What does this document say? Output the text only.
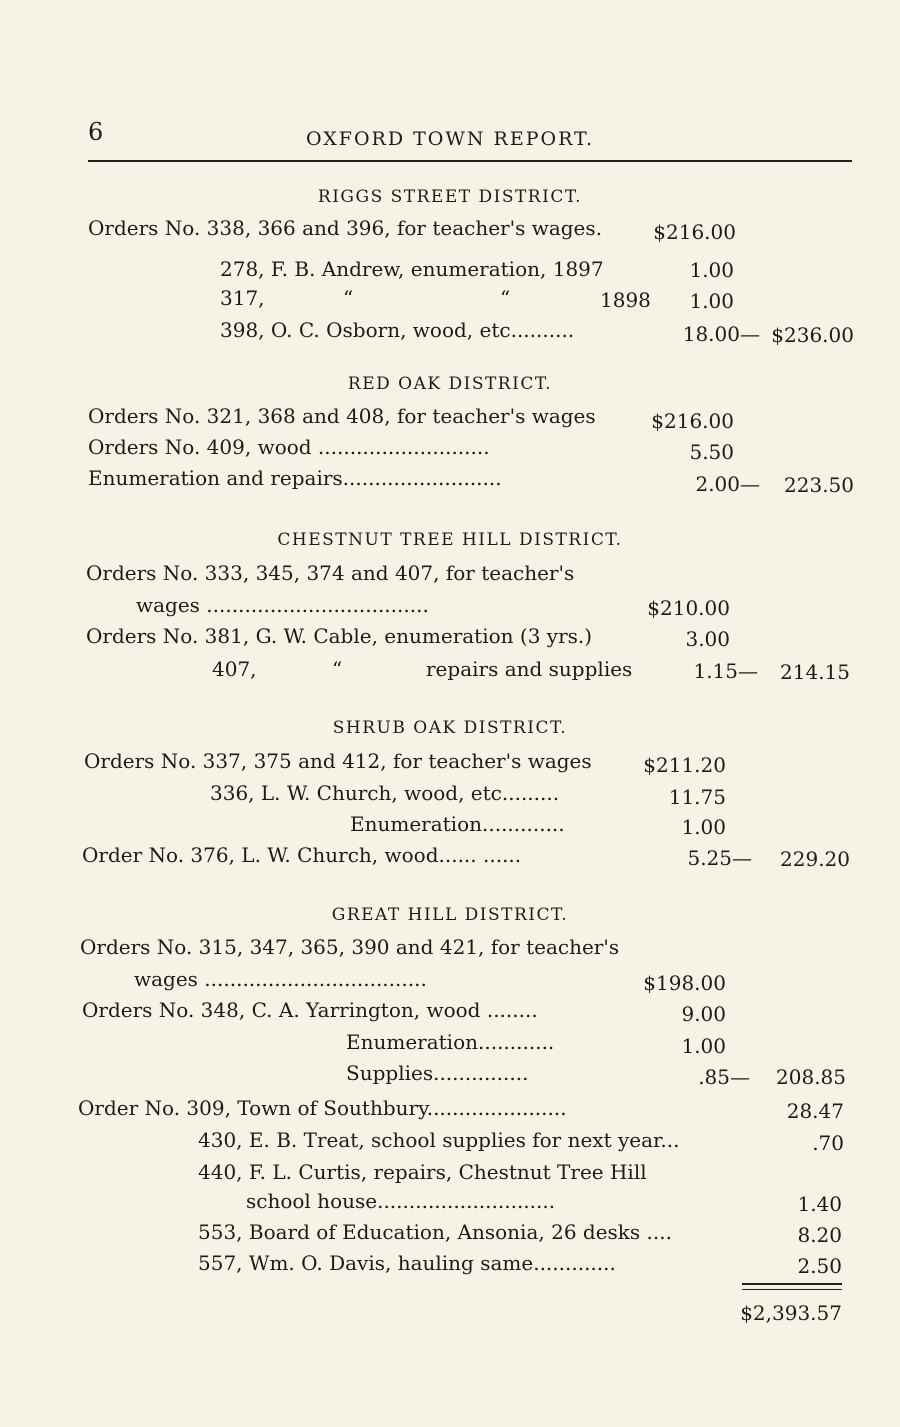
6	OXFORD TOWN REPORT.
RIGGS STREET DISTRICT.
Orders No. 338, 366 and 396, for teacher's wages.	$216.00
278, F. B. Andrew, enumeration, 1897	1.00
317,	“	“	1898	1.00
398, O. C. Osborn, wood, etc..........	18.00— $236.00
RED OAK DISTRICT.
Orders No. 321, 368 and 408, for teacher's wages	$216.00
Orders No. 409, wood ...........................	5.50
Enumeration and repairs.........................	2.00—	223.50
CHESTNUT TREE HILL DISTRICT.
Orders No. 333, 345, 374 and 407, for teacher's
wages ...................................	$210.00
Orders No. 381, G. W. Cable, enumeration (3 yrs.)	3.00
407,	“	repairs and supplies	1.15—	214.15
SHRUB OAK DISTRICT.
Orders No. 337, 375 and 412, for teacher's wages	$211.20
336, L. W. Church, wood, etc.........	11.75
Enumeration.............	1.00
Order No. 376, L. W. Church, wood...... ......	5.25—	229.20
GREAT HILL DISTRICT.
Orders No. 315, 347, 365, 390 and 421, for teacher's
wages ...................................	$198.00
Orders No. 348, C. A. Yarrington, wood ........	9.00
Enumeration............	1.00
Supplies...............	.85—	208.85
Order No. 309, Town of Southbury......................	28.47
430, E. B. Treat, school supplies for next year...	.70
440, F. L. Curtis, repairs, Chestnut Tree Hill
school house............................	1.40
553, Board of Education, Ansonia, 26 desks ....	8.20
557, Wm. O. Davis, hauling same.............	2.50
$2,393.57
